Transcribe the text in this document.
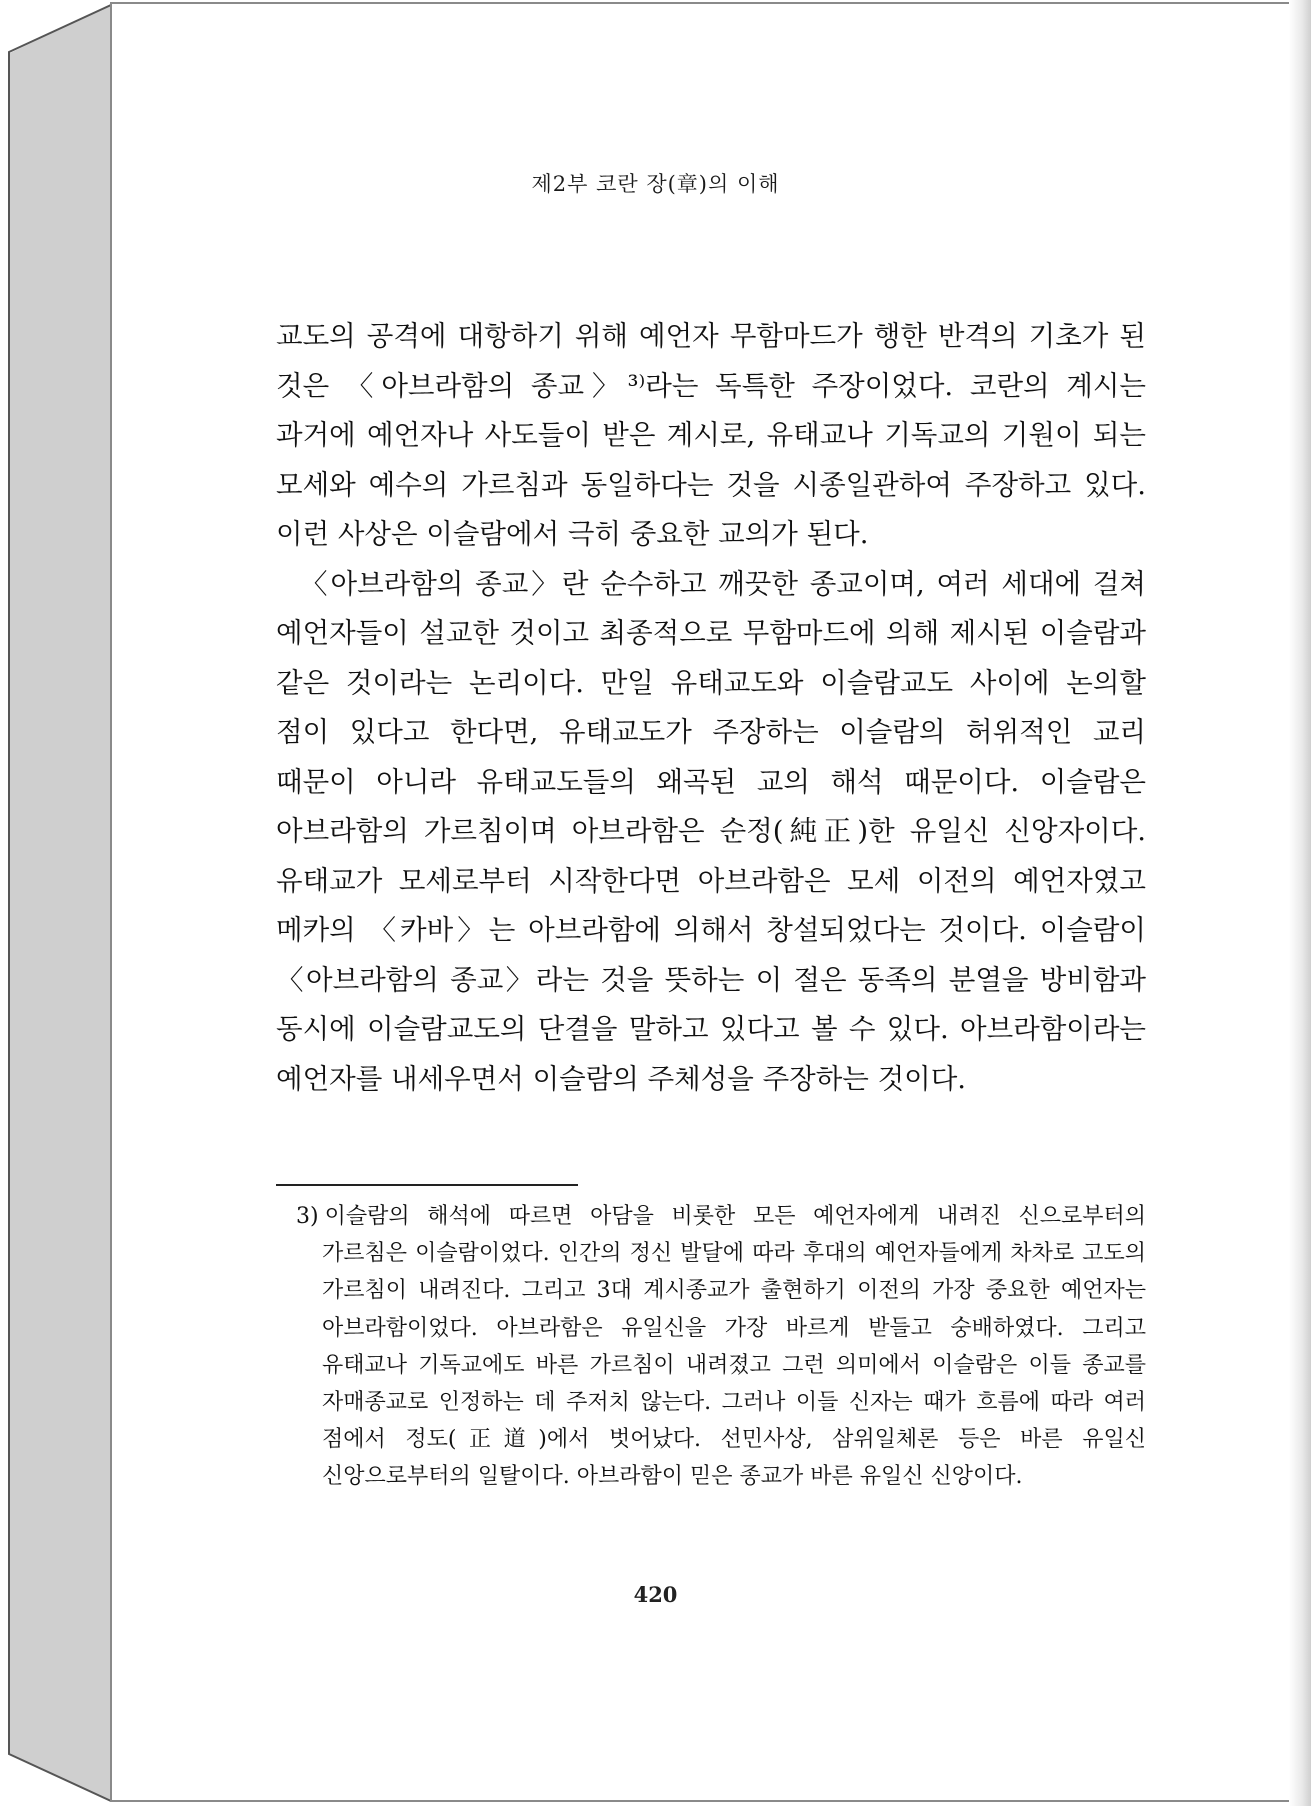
제2부 코란 장(章)의 이해

교도의 공격에 대항하기 위해 예언자 무함마드가 행한 반격의 기초가 된 것은 〈아브라함의 종교〉³⁾라는 독특한 주장이었다. 코란의 계시는 과거에 예언자나 사도들이 받은 계시로, 유태교나 기독교의 기원이 되는 모세와 예수의 가르침과 동일하다는 것을 시종일관하여 주장하고 있다. 이런 사상은 이슬람에서 극히 중요한 교의가 된다.

〈아브라함의 종교〉란 순수하고 깨끗한 종교이며, 여러 세대에 걸쳐 예언자들이 설교한 것이고 최종적으로 무함마드에 의해 제시된 이슬람과 같은 것이라는 논리이다. 만일 유태교도와 이슬람교도 사이에 논의할 점이 있다고 한다면, 유태교도가 주장하는 이슬람의 허위적인 교리 때문이 아니라 유태교도들의 왜곡된 교의 해석 때문이다. 이슬람은 아브라함의 가르침이며 아브라함은 순정(純正)한 유일신 신앙자이다. 유태교가 모세로부터 시작한다면 아브라함은 모세 이전의 예언자였고 메카의 〈카바〉는 아브라함에 의해서 창설되었다는 것이다. 이슬람이 〈아브라함의 종교〉라는 것을 뜻하는 이 절은 동족의 분열을 방비함과 동시에 이슬람교도의 단결을 말하고 있다고 볼 수 있다. 아브라함이라는 예언자를 내세우면서 이슬람의 주체성을 주장하는 것이다.

3) 이슬람의 해석에 따르면 아담을 비롯한 모든 예언자에게 내려진 신으로부터의 가르침은 이슬람이었다. 인간의 정신 발달에 따라 후대의 예언자들에게 차차로 고도의 가르침이 내려진다. 그리고 3대 계시종교가 출현하기 이전의 가장 중요한 예언자는 아브라함이었다. 아브라함은 유일신을 가장 바르게 받들고 숭배하였다. 그리고 유태교나 기독교에도 바른 가르침이 내려졌고 그런 의미에서 이슬람은 이들 종교를 자매종교로 인정하는 데 주저치 않는다. 그러나 이들 신자는 때가 흐름에 따라 여러 점에서 정도(正道)에서 벗어났다. 선민사상, 삼위일체론 등은 바른 유일신 신앙으로부터의 일탈이다. 아브라함이 믿은 종교가 바른 유일신 신앙이다.
420
